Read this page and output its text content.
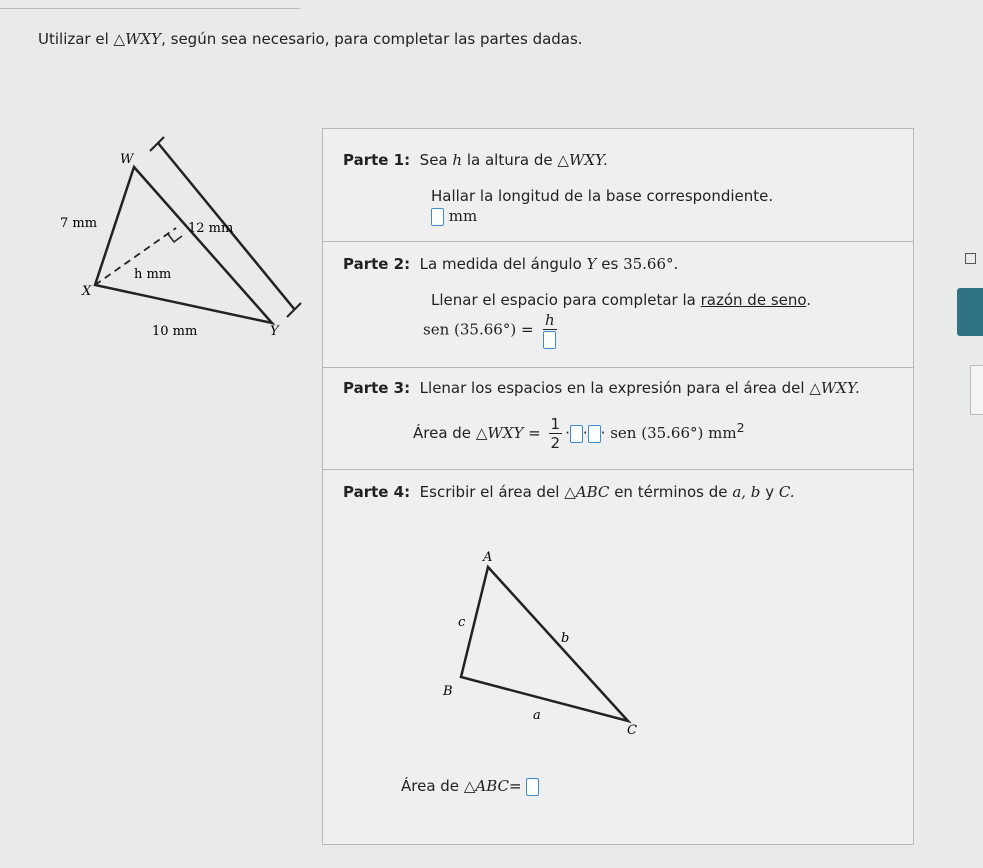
Utilizar el △WXY, según sea necesario, para completar las partes dadas.
W
X
Y
7 mm	12 mm
h mm
10 mm
Parte 1: Sea h la altura de △WXY.
Hallar la longitud de la base correspondiente.
mm
Parte 2: La medida del ángulo Y es 35.66°.
Llenar el espacio para completar la razón de seno.
sen (35.66°) =
h
Parte 3: Llenar los espacios en la expresión para el área del △WXY.
Área de △WXY = $\frac{1}{2}$ · · · sen (35.66°) $mm^2$
Parte 4: Escribir el área del △ABC en términos de a, b y C.
A
B
C
c
b
a
Área de △ABC=
